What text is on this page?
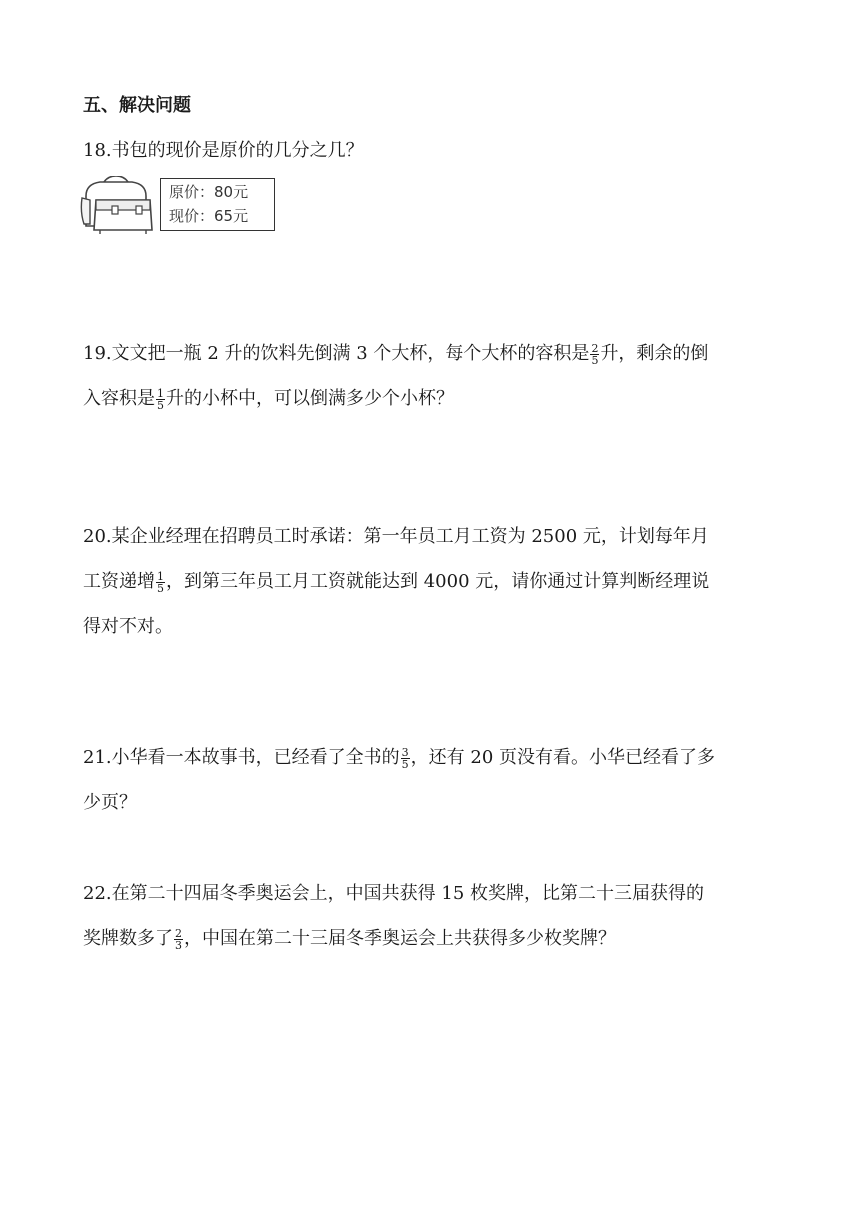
五、解决问题
18.书包的现价是原价的几分之几？
原价：80元
现价：65元
19.文文把一瓶 2 升的饮料先倒满 3 个大杯，每个大杯的容积是 $\frac{2}{5}$ 升，剩余的倒
入容积是 $\frac{1}{5}$ 升的小杯中，可以倒满多少个小杯？
20.某企业经理在招聘员工时承诺：第一年员工月工资为 2500 元，计划每年月
工资递增 $\frac{1}{5}$ ，到第三年员工月工资就能达到 4000 元，请你通过计算判断经理说
得对不对。
21.小华看一本故事书，已经看了全书的 $\frac{3}{5}$ ，还有 20 页没有看。小华已经看了多
少页？
22.在第二十四届冬季奥运会上，中国共获得 15 枚奖牌，比第二十三届获得的
奖牌数多了 $\frac{2}{3}$ ，中国在第二十三届冬季奥运会上共获得多少枚奖牌？
